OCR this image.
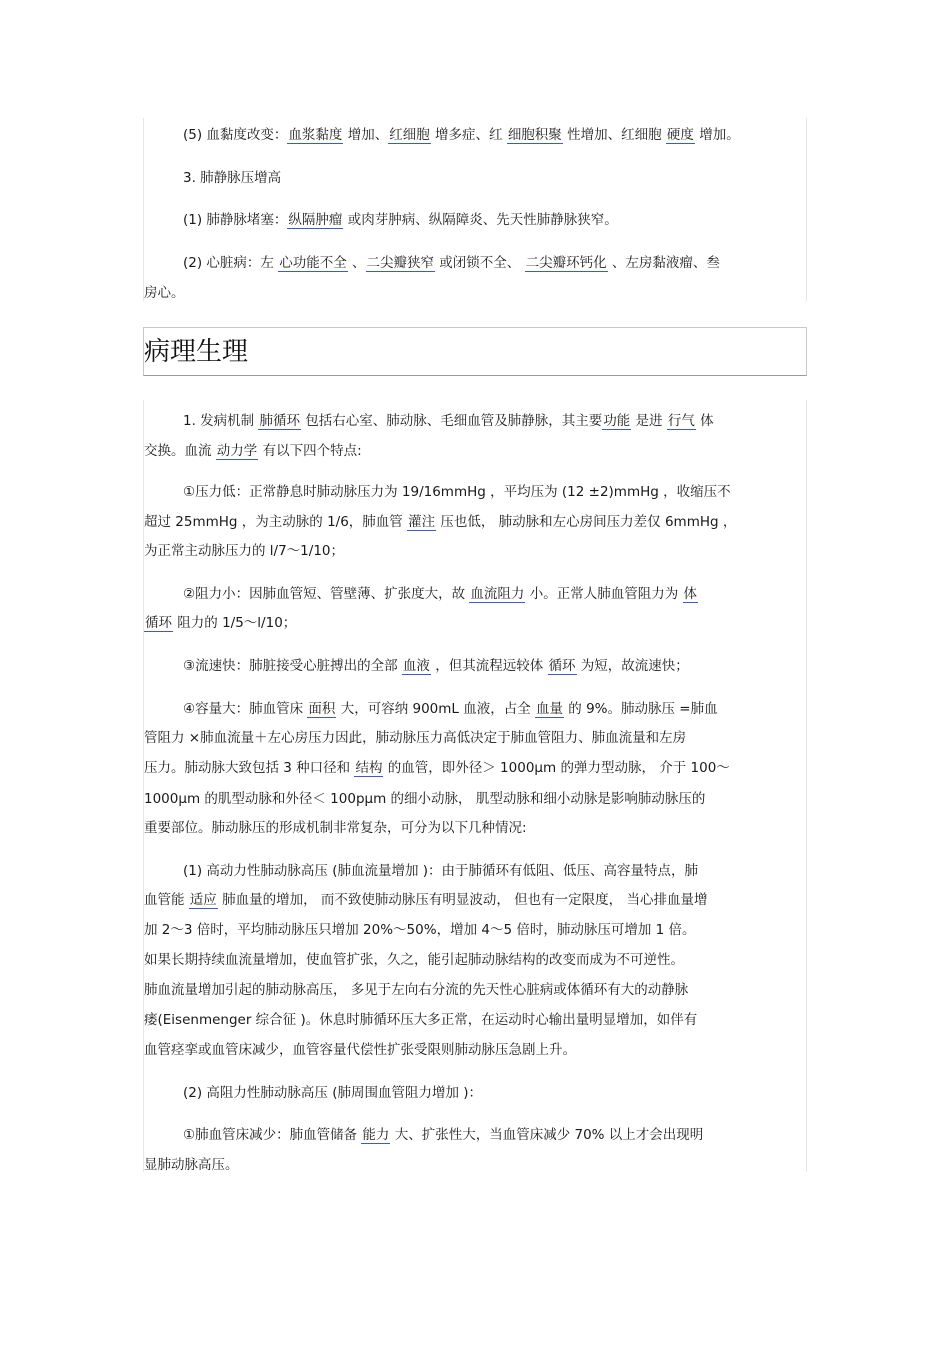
(5) 血黏度改变：血浆黏度 增加、红细胞 增多症、红 细胞积聚 性增加、红细胞 硬度 增加。
3. 肺静脉压增高
(1) 肺静脉堵塞：纵隔肿瘤 或肉芽肿病、纵隔障炎、先天性肺静脉狭窄。
(2) 心脏病：左 心功能不全 、二尖瓣狭窄 或闭锁不全、 二尖瓣环钙化 、左房黏液瘤、叁
房心。
病理生理
1. 发病机制 肺循环 包括右心室、肺动脉、毛细血管及肺静脉，其主要功能 是进 行气 体
交换。血流 动力学 有以下四个特点:
①压力低：正常静息时肺动脉压力为 19/16mmHg ，平均压为 (12 ±2)mmHg ，收缩压不
超过 25mmHg ，为主动脉的 1/6，肺血管 灌注 压也低， 肺动脉和左心房间压力差仅 6mmHg ，
为正常主动脉压力的 l/7～1/10；
②阻力小：因肺血管短、管壁薄、扩张度大，故 血流阻力 小。正常人肺血管阻力为 体
循环 阻力的 1/5～l/10；
③流速快：肺脏接受心脏搏出的全部 血液 ，但其流程远较体 循环 为短，故流速快；
④容量大：肺血管床 面积 大，可容纳 900mL 血液，占全 血量 的 9%。肺动脉压 =肺血
管阻力 ×肺血流量＋左心房压力因此，肺动脉压力高低决定于肺血管阻力、肺血流量和左房
压力。肺动脉大致包括 3 种口径和 结构 的血管，即外径＞ 1000μm 的弹力型动脉， 介于 100～
1000μm 的肌型动脉和外径＜ 100pμm 的细小动脉， 肌型动脉和细小动脉是影响肺动脉压的
重要部位。肺动脉压的形成机制非常复杂，可分为以下几种情况:
(1) 高动力性肺动脉高压 (肺血流量增加 )：由于肺循环有低阻、低压、高容量特点，肺
血管能 适应 肺血量的增加， 而不致使肺动脉压有明显波动， 但也有一定限度， 当心排血量增
加 2～3 倍时，平均肺动脉压只增加 20%～50%，增加 4～5 倍时，肺动脉压可增加 1 倍。
如果长期持续血流量增加，使血管扩张，久之，能引起肺动脉结构的改变而成为不可逆性。
肺血流量增加引起的肺动脉高压， 多见于左向右分流的先天性心脏病或体循环有大的动静脉
瘘(Eisenmenger 综合征 )。休息时肺循环压大多正常，在运动时心输出量明显增加，如伴有
血管痉挛或血管床减少，血管容量代偿性扩张受限则肺动脉压急剧上升。
(2) 高阻力性肺动脉高压 (肺周围血管阻力增加 )：
①肺血管床减少：肺血管储备 能力 大、扩张性大，当血管床减少 70% 以上才会出现明
显肺动脉高压。
